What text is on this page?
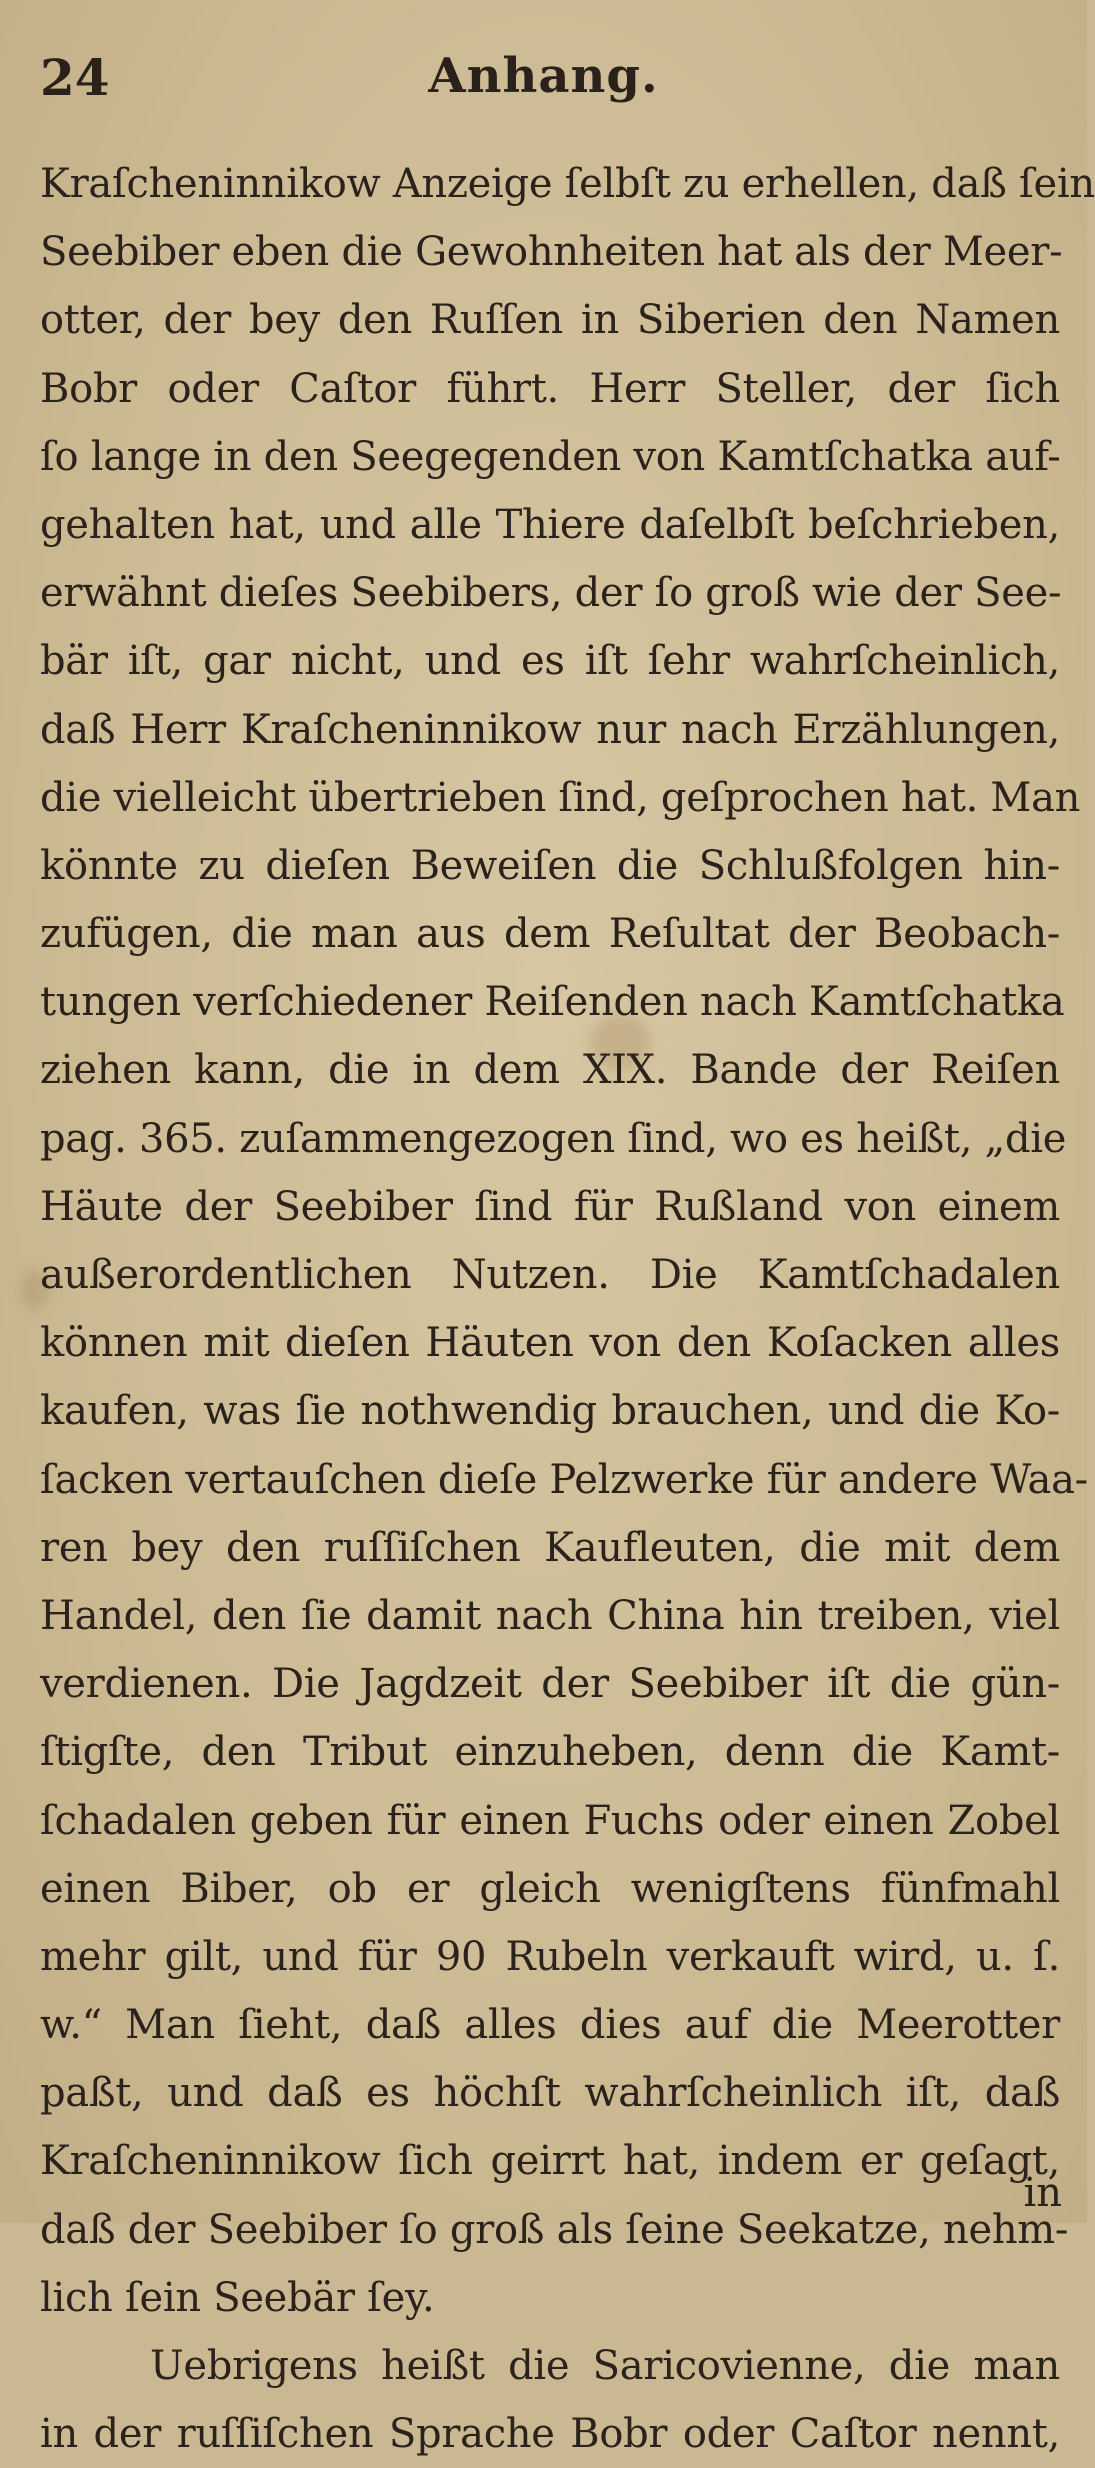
24	Anhang.
Kraſcheninnikow Anzeige ſelbſt zu erhellen, daß ſein
Seebiber eben die Gewohnheiten hat als der Meer-
otter, der bey den Ruſſen in Siberien den Namen
Bobr oder Caſtor führt. Herr Steller, der ſich
ſo lange in den Seegegenden von Kamtſchatka auf-
gehalten hat, und alle Thiere daſelbſt beſchrieben,
erwähnt dieſes Seebibers, der ſo groß wie der See-
bär iſt, gar nicht, und es iſt ſehr wahrſcheinlich,
daß Herr Kraſcheninnikow nur nach Erzählungen,
die vielleicht übertrieben ſind, geſprochen hat. Man
könnte zu dieſen Beweiſen die Schlußfolgen hin-
zufügen, die man aus dem Reſultat der Beobach-
tungen verſchiedener Reiſenden nach Kamtſchatka
ziehen kann, die in dem XIX. Bande der Reiſen
pag. 365. zuſammengezogen ſind, wo es heißt, „die
Häute der Seebiber ſind für Rußland von einem
außerordentlichen Nutzen. Die Kamtſchadalen
können mit dieſen Häuten von den Koſacken alles
kaufen, was ſie nothwendig brauchen, und die Ko-
ſacken vertauſchen dieſe Pelzwerke für andere Waa-
ren bey den ruſſiſchen Kaufleuten, die mit dem
Handel, den ſie damit nach China hin treiben, viel
verdienen. Die Jagdzeit der Seebiber iſt die gün-
ſtigſte, den Tribut einzuheben, denn die Kamt-
ſchadalen geben für einen Fuchs oder einen Zobel
einen Biber, ob er gleich wenigſtens fünfmahl
mehr gilt, und für 90 Rubeln verkauft wird, u. ſ.
w.“ Man ſieht, daß alles dies auf die Meerotter
paßt, und daß es höchſt wahrſcheinlich iſt, daß
Kraſcheninnikow ſich geirrt hat, indem er geſagt,
daß der Seebiber ſo groß als ſeine Seekatze, nehm-
lich ſein Seebär ſey.
Uebrigens heißt die Saricovienne, die man
in der ruſſiſchen Sprache Bobr oder Caſtor nennt,
in
